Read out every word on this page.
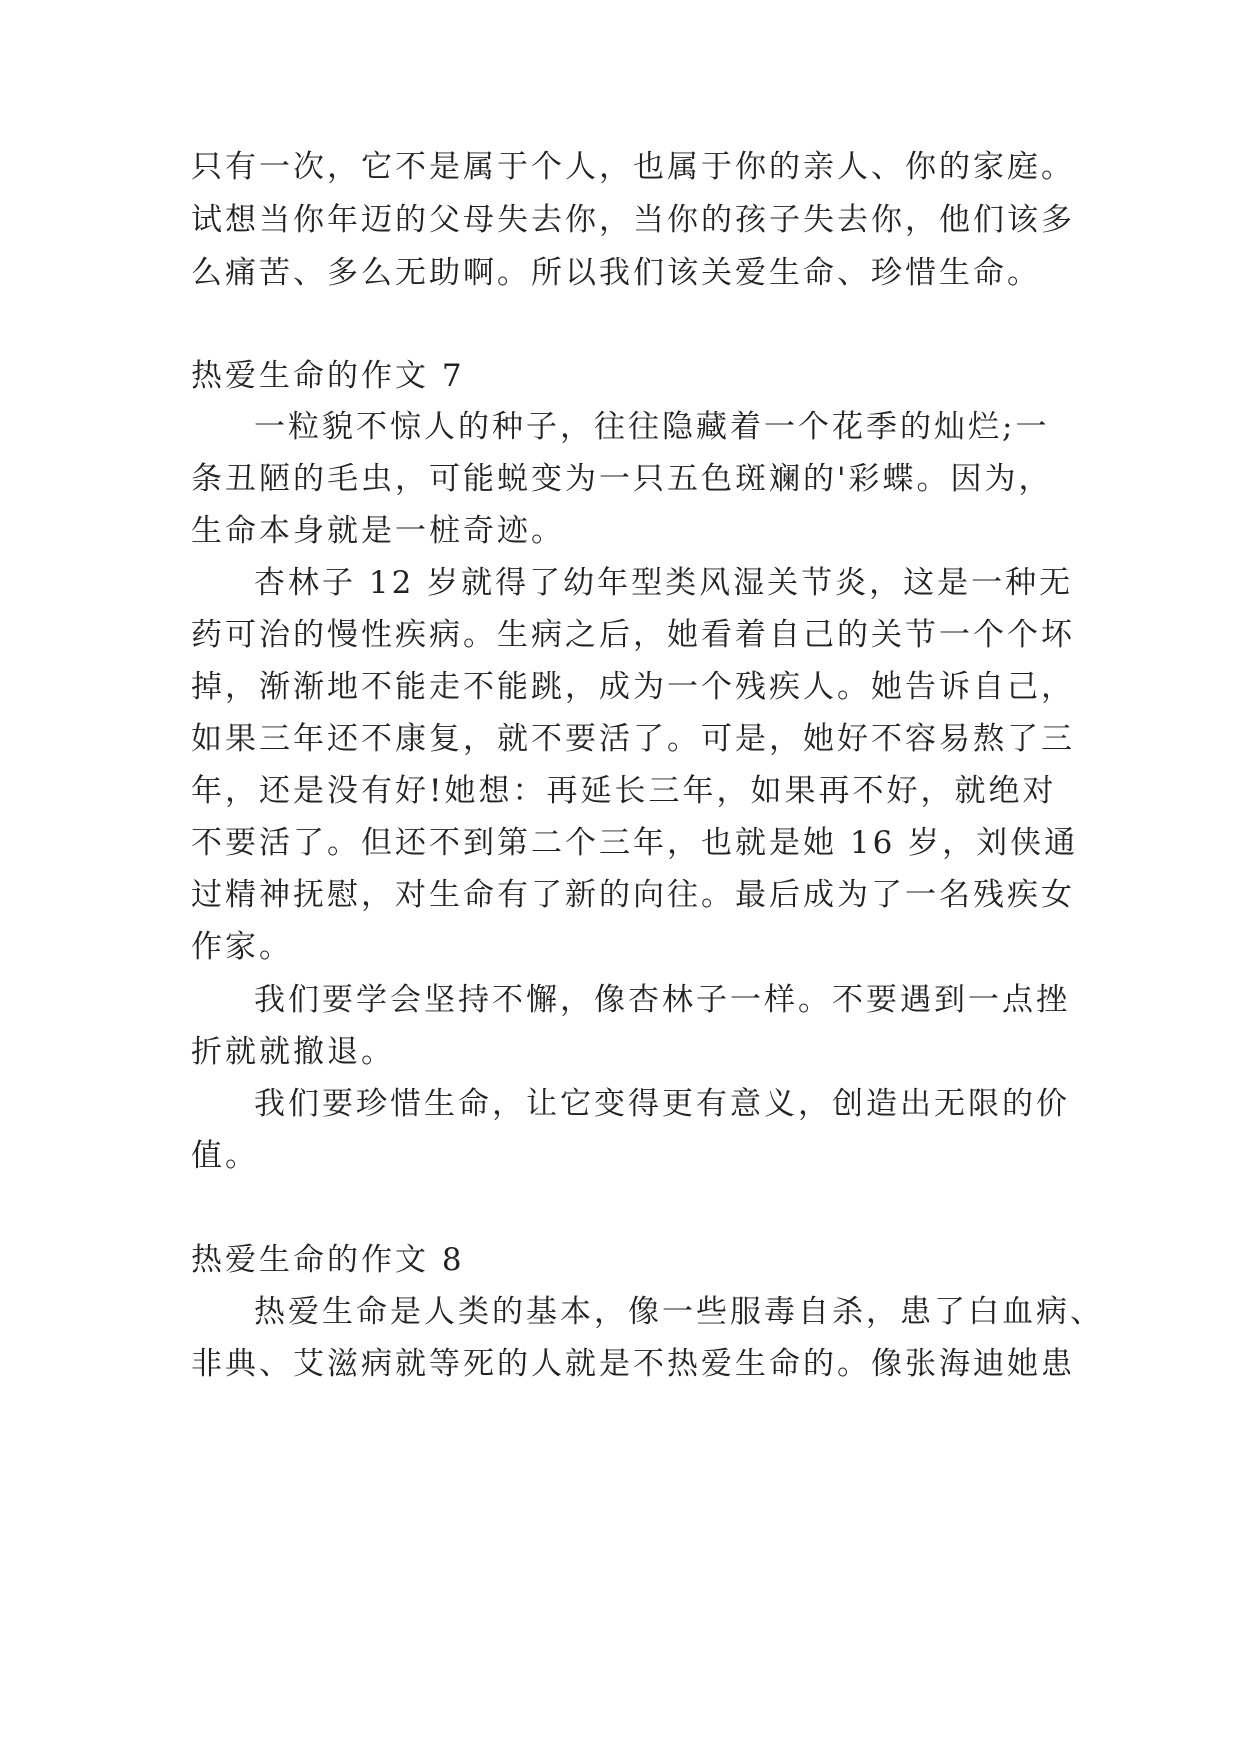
只有一次，它不是属于个人，也属于你的亲人、你的家庭。
试想当你年迈的父母失去你，当你的孩子失去你，他们该多
么痛苦、多么无助啊。所以我们该关爱生命、珍惜生命。
热爱生命的作文 7
一粒貌不惊人的种子，往往隐藏着一个花季的灿烂;一
条丑陋的毛虫，可能蜕变为一只五色斑斓的'彩蝶。因为，
生命本身就是一桩奇迹。
杏林子 12 岁就得了幼年型类风湿关节炎，这是一种无
药可治的慢性疾病。生病之后，她看着自己的关节一个个坏
掉，渐渐地不能走不能跳，成为一个残疾人。她告诉自己，
如果三年还不康复，就不要活了。可是，她好不容易熬了三
年，还是没有好!她想：再延长三年，如果再不好，就绝对
不要活了。但还不到第二个三年，也就是她 16 岁，刘侠通
过精神抚慰，对生命有了新的向往。最后成为了一名残疾女
作家。
我们要学会坚持不懈，像杏林子一样。不要遇到一点挫
折就就撤退。
我们要珍惜生命，让它变得更有意义，创造出无限的价
值。
热爱生命的作文 8
热爱生命是人类的基本，像一些服毒自杀，患了白血病、
非典、艾滋病就等死的人就是不热爱生命的。像张海迪她患
